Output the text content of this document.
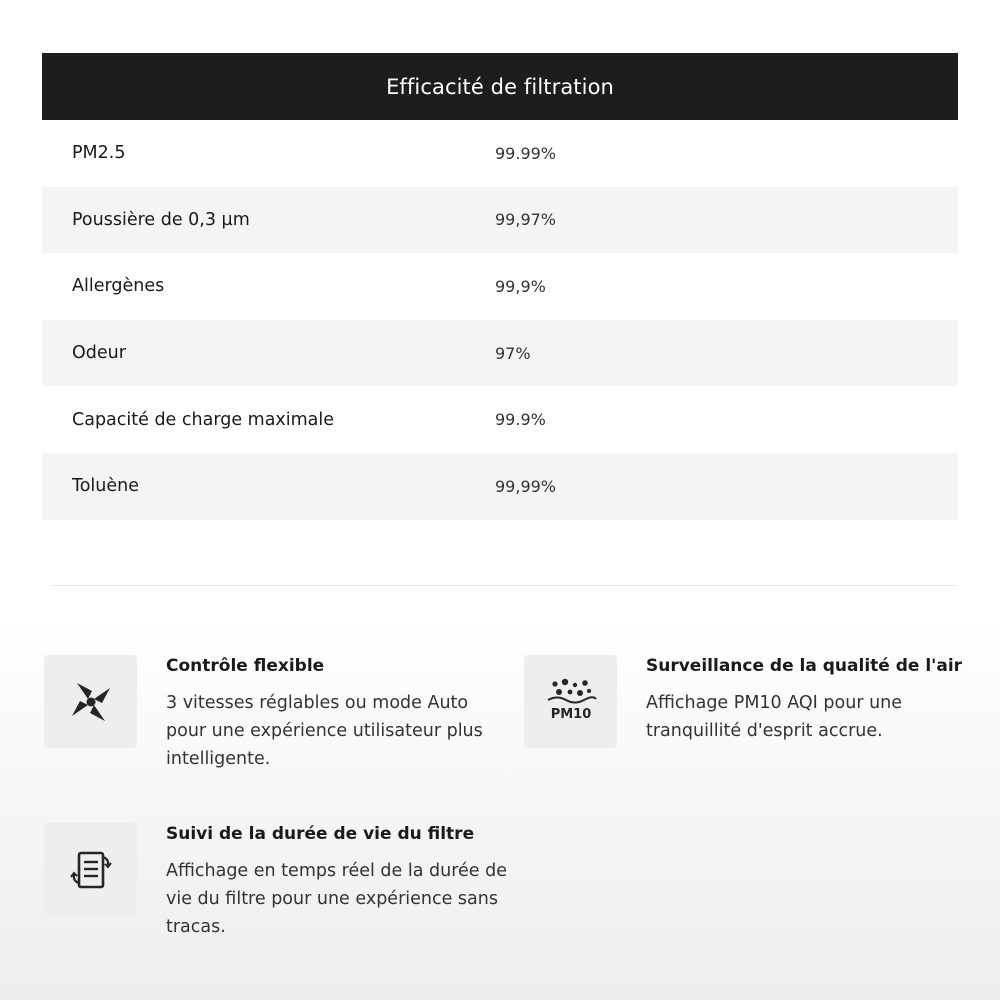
Efficacité de filtration
PM2.5	99.99%
Poussière de 0,3 µm	99,97%
Allergènes	99,9%
Odeur	97%
Capacité de charge maximale	99.9%
Toluène	99,99%
Contrôle flexible
3 vitesses réglables ou mode Auto pour une expérience utilisateur plus intelligente.
PM10
Surveillance de la qualité de l'air
Affichage PM10 AQI pour une tranquillité d'esprit accrue.
Suivi de la durée de vie du filtre
Affichage en temps réel de la durée de vie du filtre pour une expérience sans tracas.
